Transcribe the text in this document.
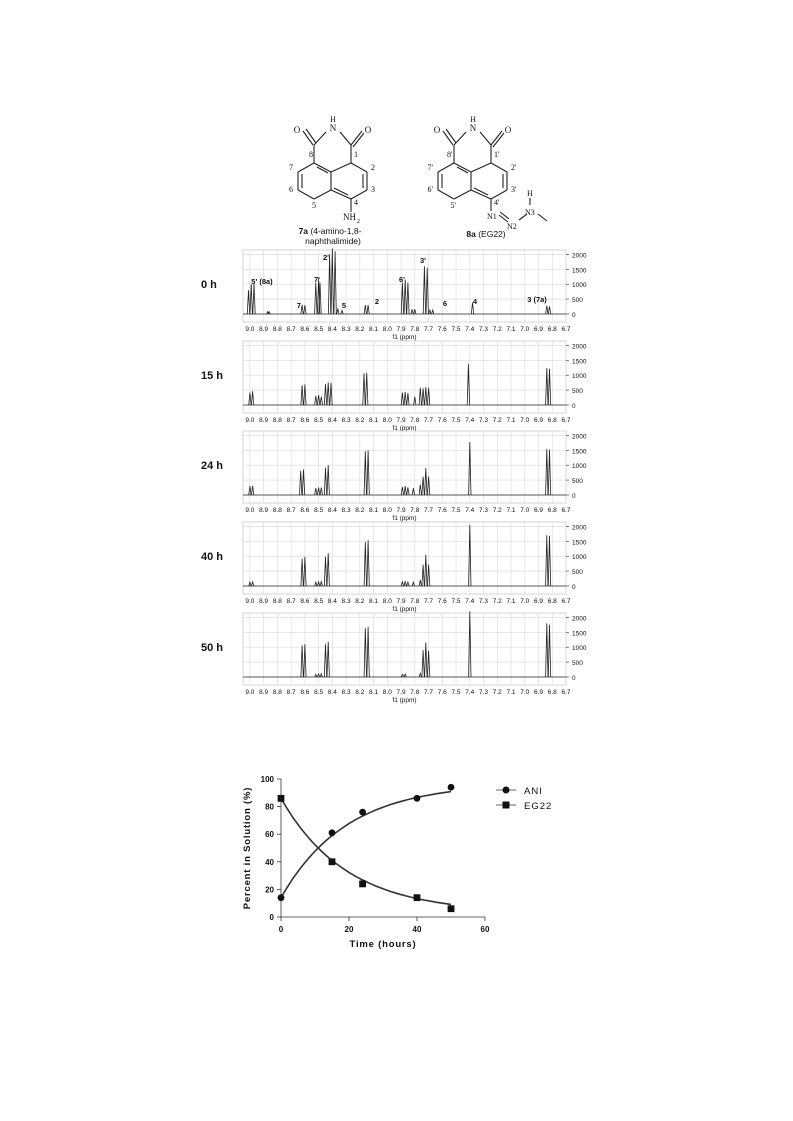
O	N
H
O
8	1
7	2
6	3
5	4
NH 2
7a (4-amino-1,8-
naphthalimide)
O	N
H
O
8'	1'
7'	2'
6'	3'
5'	4'
N1
N2
N3
H
8a (EG22)
0
500
1000
1500
2000
9.0 8.9 8.8 8.7 8.6 8.5 8.4 8.3 8.2 8.1 8.0 7.9 7.8 7.7 7.6 7.5 7.4 7.3 7.2 7.1 7.0 6.9 6.8 6.7
f1 (ppm)
0 h	5' (8a)	7'
2'
7	5	2
6'
3'
6	4	3 (7a)
0
500
1000
1500
2000
9.0 8.9 8.8 8.7 8.6 8.5 8.4 8.3 8.2 8.1 8.0 7.9 7.8 7.7 7.6 7.5 7.4 7.3 7.2 7.1 7.0 6.9 6.8 6.7
f1 (ppm)
15 h
0
500
1000
1500
2000
9.0 8.9 8.8 8.7 8.6 8.5 8.4 8.3 8.2 8.1 8.0 7.9 7.8 7.7 7.6 7.5 7.4 7.3 7.2 7.1 7.0 6.9 6.8 6.7
f1 (ppm)
24 h
0
500
1000
1500
2000
9.0 8.9 8.8 8.7 8.6 8.5 8.4 8.3 8.2 8.1 8.0 7.9 7.8 7.7 7.6 7.5 7.4 7.3 7.2 7.1 7.0 6.9 6.8 6.7
f1 (ppm)
40 h
0
500
1000
1500
2000
9.0 8.9 8.8 8.7 8.6 8.5 8.4 8.3 8.2 8.1 8.0 7.9 7.8 7.7 7.6 7.5 7.4 7.3 7.2 7.1 7.0 6.9 6.8 6.7
f1 (ppm)
50 h
0
20
40
60
80
100
0	20	40	60
Percent in Solution (%)
Time (hours)
ANI
EG22
